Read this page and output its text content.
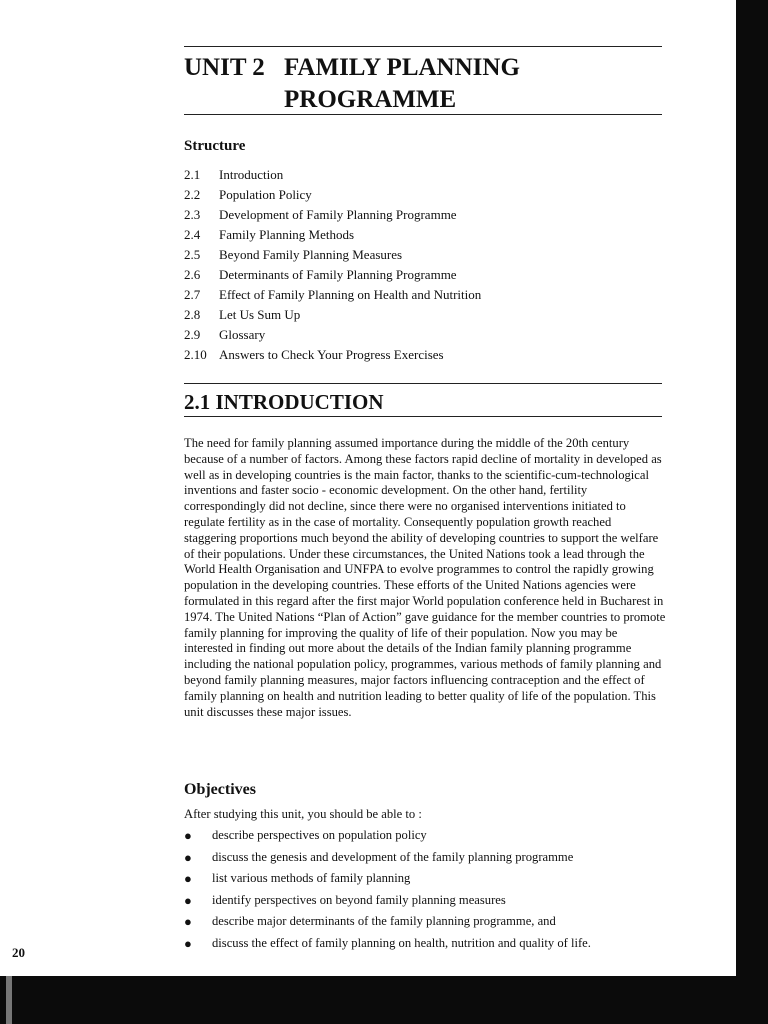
UNIT 2 FAMILY PLANNING
PROGRAMME
Structure
2.1	Introduction
2.2	Population Policy
2.3	Development of Family Planning Programme
2.4	Family Planning Methods
2.5	Beyond Family Planning Measures
2.6	Determinants of Family Planning Programme
2.7	Effect of Family Planning on Health and Nutrition
2.8	Let Us Sum Up
2.9	Glossary
2.10 Answers to Check Your Progress Exercises
2.1 INTRODUCTION

The need for family planning assumed importance during the middle of the 20th century because of a number of factors. Among these factors rapid decline of mortality in developed as well as in developing countries is the main factor, thanks to the scientific-cum-technological inventions and faster socio - economic development. On the other hand, fertility correspondingly did not decline, since there were no organised interventions initiated to regulate fertility as in the case of mortality. Consequently population growth reached staggering proportions much beyond the ability of developing countries to support the welfare of their populations. Under these circumstances, the United Nations took a lead through the World Health Organisation and UNFPA to evolve programmes to control the rapidly growing population in the developing countries. These efforts of the United Nations agencies were formulated in this regard after the first major World population conference held in Bucharest in 1974. The United Nations “Plan of Action” gave guidance for the member countries to promote family planning for improving the quality of life of their population. Now you may be interested in finding out more about the details of the Indian family planning programme including the national population policy, programmes, various methods of family planning and beyond family planning measures, major factors influencing contraception and the effect of family planning on health and nutrition leading to better quality of life of the population. This unit discusses these major issues.

Objectives

After studying this unit, you should be able to :

●	describe perspectives on population policy
●	discuss the genesis and development of the family planning programme
●	list various methods of family planning
●	identify perspectives on beyond family planning measures
●	describe major determinants of the family planning programme, and
●	discuss the effect of family planning on health, nutrition and quality of life.
20
